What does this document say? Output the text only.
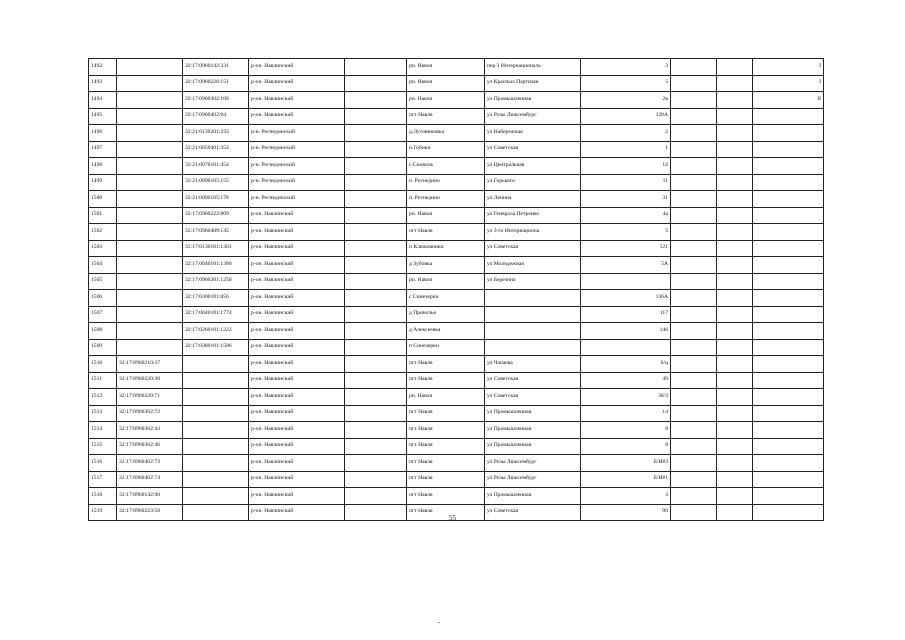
1492		32:17:0960142:331	р-он. Навлинский		рп. Навля	пер 3 Интернациональ	3			I
1493		32:17:0960226:151	р-он. Навлинский		рп. Навля	ул Красных Партизан	5			I
1494		32:17:0960302:106	р-он. Навлинский		рп. Навля	ул Промышленная	2в			II
1495		32:17:0960402:94	р-он. Навлинский		пгт Навля	ул Розы Люксембург	128А			
1496		32:21:0130201:233	р-н. Рогнединский		д.Лутовиновка	ул.Набережная	2			
1497		32:21:0050401:354	р-н. Рогнединский		п.Гобики	ул Советская	1			
1498		32:21:0070101:454	р-н. Рогнединский		с.Сиоволь	ул.Центральная	12			
1499		32:21:0090105:155	р-н. Рогнединский		п. Рогнедино	ул.Горького	11			
1500		32:21:0090105:178	р-н. Рогнединский		п. Рогнедино	ул Ленина	31			
1501		32:17:0960222:809	р-он. Навлинский		рп. Навля	ул Генерала Петренко	4а			
1502		32:17:0960409:145	р-он. Навлинский		пгт Навля	ул 3-го Интернациона	5			
1503		32:17:0130101:1301	р-он. Навлинский		п Клюковники	ул Советская	121			
1504		32:17:0040101:1380	р-он. Навлинский		д Зубовка	ул Молодежная	5А			
1505		32:17:0960201:1250	р-он. Навлинский		рп. Навля	ул Березина				
1506		32:17:0300101:856	р-он. Навлинский		с Синезерки		136А			
1507		32:17:0040101:1774	р-он. Навлинский		д Приколье		117			
1508		32:17:0260101:1222	р-он. Навлинский		д Алексеевка		146			
1509		32:17:0380101:1506	р-он. Навлинский		п Синезерки					
1510	32:17:0960210:37		р-он. Навлинский		пгт Навля	ул Чапаева	6/ц			
1511	32:17:0960220:30		р-он. Навлинский		пгт Навля	ул Советская	49			
1512	32:17:0960220:71		р-он. Навлинский		рп. Навля	ул Советская	38/3			
1513	32:17:0960302:72		р-он. Навлинский		пгт Навля	ул Промышленная	14			
1514	32:17:0960302:43		р-он. Навлинский		пгт Навля	ул Промышленная	8			
1515	32:17:0960302:46		р-он. Навлинский		пгт Навля	ул Промышленная	8			
1516	32:17:0960402:73		р-он. Навлинский		пгт Навля	ул Розы Люксембург	Б/Н#3			
1517	32:17:0960402:74		р-он. Навлинский		пгт Навля	ул Розы Люксембург	Б/Н#1			
1518	32:17:0960142:90		р-он. Навлинский		пгт Навля	ул Промышленная	3			
1519	32:17:0960223:50		р-он. Навлинский		пгт Навля	ул Советская	90			
55
